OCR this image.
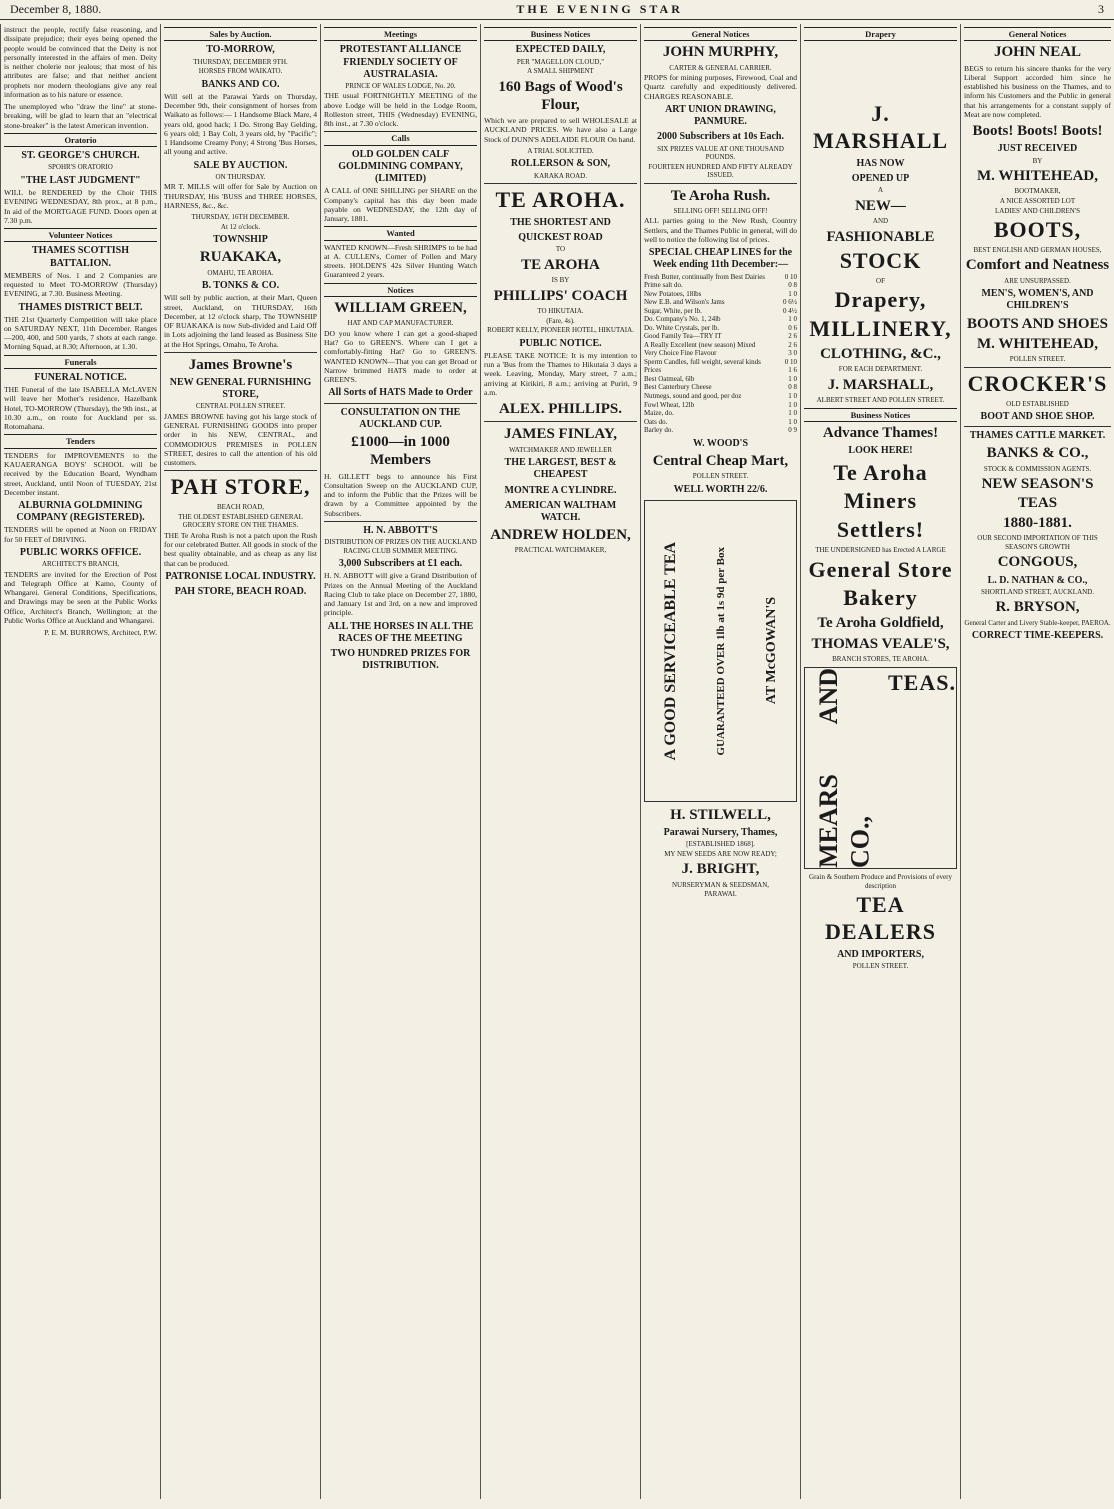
December 8, 1880.	THE EVENING STAR	3
instruct the people, rectify false reasoning, and dissipate prejudice; their eyes being opened the people would be convinced that the Deity is not personally interested in the affairs of men. Deity is neither cholerie nor jealous; that most of his attributes are false; and that neither ancient prophets nor modern theologians give any real information as to his nature or essence.
The unemployed who "draw the line" at stone-breaking, will be glad to learn that an "electrical stone-breaker" is the latest American invention.
Oratorio
ST. GEORGE'S CHURCH.
SPOHR'S ORATORIO
"THE LAST JUDGMENT"
WILL be RENDERED by the Choir THIS EVENING WEDNESDAY, 8th prox., at 8 p.m., In aid of the MORTGAGE FUND. Doors open at 7.30 p.m.
Volunteer Notices
THAMES SCOTTISH BATTALION.
MEMBERS of Nos. 1 and 2 Companies are requested to Meet TO-MORROW (Thursday) EVENING, at 7.30. Business Meeting.
THAMES DISTRICT BELT.
THE 21st Quarterly Competition will take place on SATURDAY NEXT, 11th December. Ranges—200, 400, and 500 yards, 7 shots at each range. Morning Squad, at 8.30; Afternoon, at 1.30.
Funerals
FUNERAL NOTICE.
THE Funeral of the late ISABELLA McLAVEN will leave her Mother's residence, Hazelbank Hotel, TO-MORROW (Thursday), the 9th inst., at 10.30 a.m., on route for Auckland per ss. Rotomahana.
Tenders
TENDERS for IMPROVEMENTS to the KAUAERANGA BOYS' SCHOOL will be received by the Education Board, Wyndham street, Auckland, until Noon of TUESDAY, 21st December instant.
ALBURNIA GOLDMINING COMPANY (REGISTERED).
TENDERS will be opened at Noon on FRIDAY for 50 FEET of DRIVING.
PUBLIC WORKS OFFICE.
ARCHITECT'S BRANCH,
TENDERS are invited for the Erection of Post and Telegraph Office at Kamo, County of Whangarei. General Conditions, Specifications, and Drawings may be seen at the Public Works Office, Architect's Branch, Wellington; at the Public Works Office at Auckland and Whangarei.
P. E. M. BURROWS, Architect, P.W.
Sales by Auction.
TO-MORROW,
THURSDAY, DECEMBER 9TH.
HORSES FROM WAIKATO.
BANKS AND CO.
Will sell at the Parawai Yards on Thursday, December 9th, their consignment of horses from Waikato as follows:— 1 Handsome Black Mare, 4 years old, good hack; 1 Do. Strong Bay Gelding, 6 years old; 1 Bay Colt, 3 years old, by "Pacific"; 1 Handsome Creamy Pony; 4 Strong 'Bus Horses, all young and active.
SALE BY AUCTION.
ON THURSDAY.
MR T. MILLS will offer for Sale by Auction on THURSDAY, His 'BUSS and THREE HORSES, HARNESS, &c., &c.
THURSDAY, 16TH DECEMBER.
At 12 o'clock.
TOWNSHIP
RUAKAKA,
OMAHU, TE AROHA.
B. TONKS & CO.
Will sell by public auction, at their Mart, Queen street, Auckland, on THURSDAY, 16th December, at 12 o'clock sharp, The TOWNSHIP OF RUAKAKA is now Sub-divided and Laid Off in Lots adjoining the land leased as Business Site at the Hot Springs, Omahu, Te Aroha.
James Browne's
NEW GENERAL FURNISHING STORE,
CENTRAL POLLEN STREET.
JAMES BROWNE having got his large stock of GENERAL FURNISHING GOODS into proper order in his NEW, CENTRAL, and COMMODIOUS PREMISES in POLLEN STREET, desires to call the attention of his old customers.
PAH STORE,
BEACH ROAD,
THE OLDEST ESTABLISHED GENERAL GROCERY STORE ON THE THAMES.
THE Te Aroha Rush is not a patch upon the Rush for our celebrated Butter. All goods in stock of the best quality obtainable, and as cheap as any list that can be produced.
PATRONISE LOCAL INDUSTRY.
PAH STORE, BEACH ROAD.
Meetings
PROTESTANT ALLIANCE FRIENDLY SOCIETY OF AUSTRALASIA.
PRINCE OF WALES LODGE, No. 20.
THE usual FORTNIGHTLY MEETING of the above Lodge will be held in the Lodge Room, Rolleston street, THIS (Wednesday) EVENING, 8th inst., at 7.30 o'clock.
Calls
OLD GOLDEN CALF GOLDMINING COMPANY, (LIMITED)
A CALL of ONE SHILLING per SHARE on the Company's capital has this day been made payable on WEDNESDAY, the 12th day of January, 1881.
Wanted
WANTED KNOWN—Fresh SHRIMPS to be had at A. CULLEN's, Corner of Pollen and Mary streets. HOLDEN'S 42s Silver Hunting Watch Guaranteed 2 years.
Notices
WILLIAM GREEN,
HAT AND CAP MANUFACTURER.
DO you know where I can get a good-shaped Hat? Go to GREEN'S. Where can I get a comfortably-fitting Hat? Go to GREEN'S. WANTED KNOWN—That you can get Broad or Narrow brimmed HATS made to order at GREEN'S.
All Sorts of HATS Made to Order
CONSULTATION ON THE AUCKLAND CUP.
£1000—in 1000 Members
H. GILLETT begs to announce his First Consultation Sweep on the AUCKLAND CUP, and to inform the Public that the Prizes will be drawn by a Committee appointed by the Subscribers.
H. N. ABBOTT'S
DISTRIBUTION OF PRIZES ON THE AUCKLAND RACING CLUB SUMMER MEETING.
3,000 Subscribers at £1 each.
H. N. ABBOTT will give a Grand Distribution of Prizes on the Annual Meeting of the Auckland Racing Club to take place on December 27, 1880, and January 1st and 3rd, on a new and improved principle.
ALL THE HORSES IN ALL THE RACES OF THE MEETING
TWO HUNDRED PRIZES FOR DISTRIBUTION.
Business Notices
EXPECTED DAILY,
PER "MAGELLON CLOUD,"
A SMALL SHIPMENT
160 Bags of Wood's Flour,
Which we are prepared to sell WHOLESALE at AUCKLAND PRICES. We have also a Large Stock of DUNN'S ADELAIDE FLOUR On hand.
A TRIAL SOLICITED.
ROLLERSON & SON,
KARAKA ROAD.
TE AROHA.
THE SHORTEST AND
QUICKEST ROAD
TO
TE AROHA
IS BY
PHILLIPS' COACH
TO HIKUTAIA.
(Fare, 4s).
ROBERT KELLY, PIONEER HOTEL, HIKUTAIA.
PUBLIC NOTICE.
PLEASE TAKE NOTICE: It is my intention to run a 'Bus from the Thames to Hikutaia 3 days a week. Leaving, Monday, Mary street, 7 a.m.; arriving at Kirikiri, 8 a.m.; arriving at Puriri, 9 a.m.
ALEX. PHILLIPS.
JAMES FINLAY,
WATCHMAKER AND JEWELLER
THE LARGEST, BEST & CHEAPEST
MONTRE A CYLINDRE.
AMERICAN WALTHAM WATCH.
ANDREW HOLDEN,
PRACTICAL WATCHMAKER,
General Notices
JOHN MURPHY,
CARTER & GENERAL CARRIER.
PROPS for mining purposes, Firewood, Coal and Quartz carefully and expeditiously delivered. CHARGES REASONABLE.
ART UNION DRAWING, PANMURE.
2000 Subscribers at 10s Each.
SIX PRIZES VALUE AT ONE THOUSAND POUNDS.
FOURTEEN HUNDRED AND FIFTY ALREADY ISSUED.
Te Aroha Rush.
SELLING OFF! SELLING OFF!
ALL parties going to the New Rush, Country Settlers, and the Thames Public in general, will do well to notice the following list of prices.
SPECIAL CHEAP LINES for the Week ending 11th December:—
Fresh Butter, continually from Best Dairies	0 10
Prime salt do.	0 8
New Potatoes, 18lbs	1 0
New E.B. and Wilson's Jams	0 6½
Sugar, White, per lb.	0 4½
Do. Company's No. 1, 24lb	1 0
Do. White Crystals, per lb.	0 6
Good Family Tea—TRY IT	2 6
A Really Excellent (new season) Mixed	2 6
Very Choice Fine Flavour	3 0
Sperm Candles, full weight, several kinds	0 10
Prices	1 6
Best Oatmeal, 6lb	1 0
Best Canterbury Cheese	0 8
Nutmegs, sound and good, per doz	1 0
Fowl Wheat, 12lb	1 0
Maize, do.	1 0
Oats do.	1 0
Barley do.	0 9
W. WOOD'S
Central Cheap Mart,
POLLEN STREET.
WELL WORTH 22/6.
A GOOD SERVICEABLE TEA	GUARANTEED OVER 1lb at 1s 9d per Box	AT McGOWAN'S
H. STILWELL,
Parawai Nursery, Thames,
[ESTABLISHED 1868].
MY NEW SEEDS ARE NOW READY;
J. BRIGHT,
NURSERYMAN & SEEDSMAN,
PARAWAI.
Drapery
J. MARSHALL
HAS NOW
OPENED UP
A
NEW—
AND
FASHIONABLE
STOCK
OF
Drapery,
MILLINERY,
CLOTHING, &C.,
FOR EACH DEPARTMENT.
J. MARSHALL,
ALBERT STREET AND POLLEN STREET.
Business Notices
Advance Thames!
LOOK HERE!
Te Aroha
Miners
Settlers!
THE UNDERSIGNED has Erected A LARGE
General Store
Bakery
Te Aroha Goldfield,
THOMAS VEALE'S,
BRANCH STORES, TE AROHA.
MEARS AND CO.,
TEAS.
Grain & Southern Produce and Provisions of every description
TEA DEALERS
AND IMPORTERS,
POLLEN STREET.
General Notices
JOHN NEAL
BEGS to return his sincere thanks for the very Liberal Support accorded him since he established his business on the Thames, and to inform his Customers and the Public in general that his arrangements for a constant supply of Meat are now completed.
Boots! Boots! Boots!
JUST RECEIVED
BY
M. WHITEHEAD,
BOOTMAKER,
A NICE ASSORTED LOT
LADIES' AND CHILDREN'S
BOOTS,
BEST ENGLISH AND GERMAN HOUSES,
Comfort and Neatness
ARE UNSURPASSED.
MEN'S, WOMEN'S, AND CHILDREN'S
BOOTS AND SHOES
M. WHITEHEAD,
POLLEN STREET.
CROCKER'S
OLD ESTABLISHED
BOOT AND SHOE SHOP.
THAMES CATTLE MARKET.
BANKS & CO.,
STOCK & COMMISSION AGENTS.
NEW SEASON'S TEAS
1880-1881.
OUR SECOND IMPORTATION OF THIS SEASON'S GROWTH
CONGOUS,
L. D. NATHAN & CO.,
SHORTLAND STREET, AUCKLAND.
R. BRYSON,
General Carter and Livery Stable-keeper, PAEROA.
CORRECT TIME-KEEPERS.
